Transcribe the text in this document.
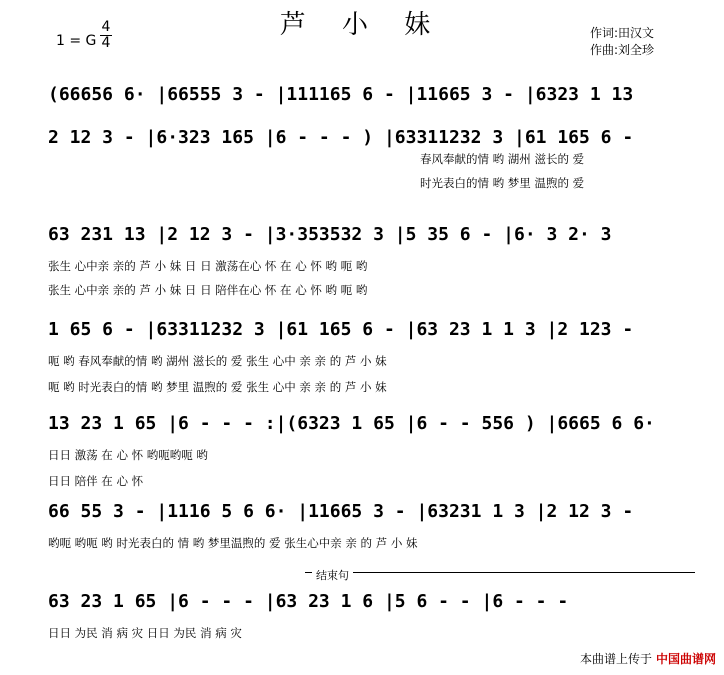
芦 小 妹
1 = G
4
4
作词:田汉文
作曲:刘全珍
(66656 6· |66555 3 - |111165 6 - |11665 3 - |6323 1 13
2 12 3 - |6·323 165 |6 - - - ) |63311232 3 |61 165 6 -
春风奉献的情 哟 湖州 滋长的 爱
时光表白的情 哟 梦里 温煦的 爱
63 231 13 |2 12 3 - |3·353532 3 |5 35 6 - |6· 3 2· 3
张生 心中亲 亲的 芦 小 妹 日 日 激荡在心 怀 在 心 怀 哟 呃 哟
张生 心中亲 亲的 芦 小 妹 日 日 陪伴在心 怀 在 心 怀 哟 呃 哟
1 65 6 - |63311232 3 |61 165 6 - |63 23 1 1 3 |2 123 -
呃 哟 春风奉献的情 哟 湖州 滋长的 爱 张生 心中 亲 亲 的 芦 小 妹
呃 哟 时光表白的情 哟 梦里 温煦的 爱 张生 心中 亲 亲 的 芦 小 妹
13 23 1 65 |6 - - - :|(6323 1 65 |6 - - 556 ) |6665 6 6·
日日 激荡 在 心 怀 哟呃哟呃 哟
日日 陪伴 在 心 怀
66 55 3 - |1116 5 6 6· |11665 3 - |63231 1 3 |2 12 3 -
哟呃 哟呃 哟 时光表白的 情 哟 梦里温煦的 爱 张生心中亲 亲 的 芦 小 妹
结束句
63 23 1 65 |6 - - - |63 23 1 6 |5 6 - - |6 - - -
日日 为民 消 病 灾 日日 为民 消 病 灾
本曲谱上传于 中国曲谱网
